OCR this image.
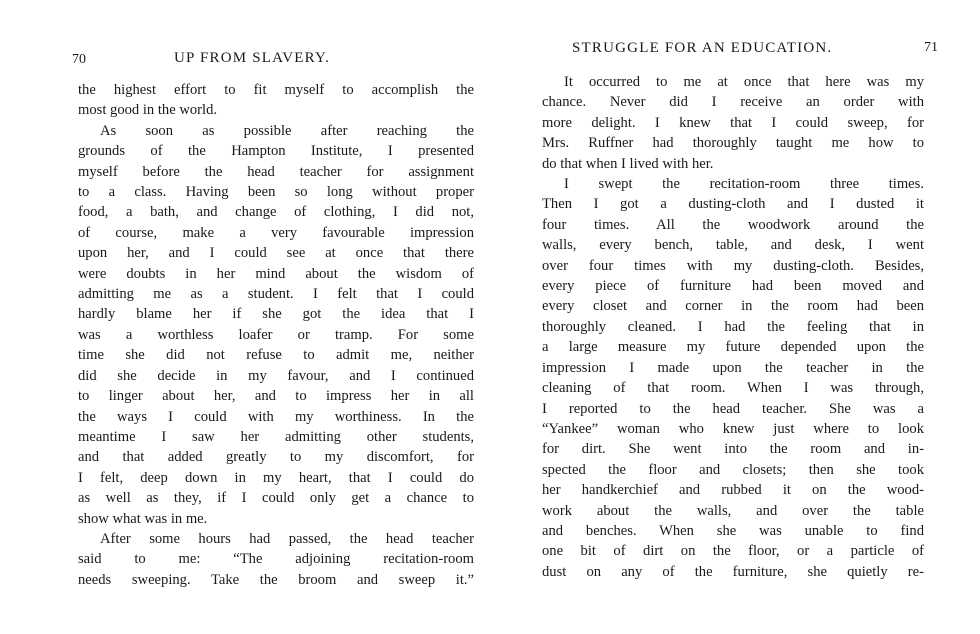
70	UP FROM SLAVERY.
the highest effort to fit myself to accomplish the
most good in the world.
As soon as possible after reaching the
grounds of the Hampton Institute, I presented
myself before the head teacher for assignment
to a class. Having been so long without proper
food, a bath, and change of clothing, I did not,
of course, make a very favourable impression
upon her, and I could see at once that there
were doubts in her mind about the wisdom of
admitting me as a student. I felt that I could
hardly blame her if she got the idea that I
was a worthless loafer or tramp. For some
time she did not refuse to admit me, neither
did she decide in my favour, and I continued
to linger about her, and to impress her in all
the ways I could with my worthiness. In the
meantime I saw her admitting other students,
and that added greatly to my discomfort, for
I felt, deep down in my heart, that I could do
as well as they, if I could only get a chance to
show what was in me.
After some hours had passed, the head teacher
said to me: “The adjoining recitation-room
needs sweeping. Take the broom and sweep it.”
STRUGGLE FOR AN EDUCATION.	71
It occurred to me at once that here was my
chance. Never did I receive an order with
more delight. I knew that I could sweep, for
Mrs. Ruffner had thoroughly taught me how to
do that when I lived with her.
I swept the recitation-room three times.
Then I got a dusting-cloth and I dusted it
four times. All the woodwork around the
walls, every bench, table, and desk, I went
over four times with my dusting-cloth. Besides,
every piece of furniture had been moved and
every closet and corner in the room had been
thoroughly cleaned. I had the feeling that in
a large measure my future depended upon the
impression I made upon the teacher in the
cleaning of that room. When I was through,
I reported to the head teacher. She was a
“Yankee” woman who knew just where to look
for dirt. She went into the room and in-
spected the floor and closets; then she took
her handkerchief and rubbed it on the wood-
work about the walls, and over the table
and benches. When she was unable to find
one bit of dirt on the floor, or a particle of
dust on any of the furniture, she quietly re-
